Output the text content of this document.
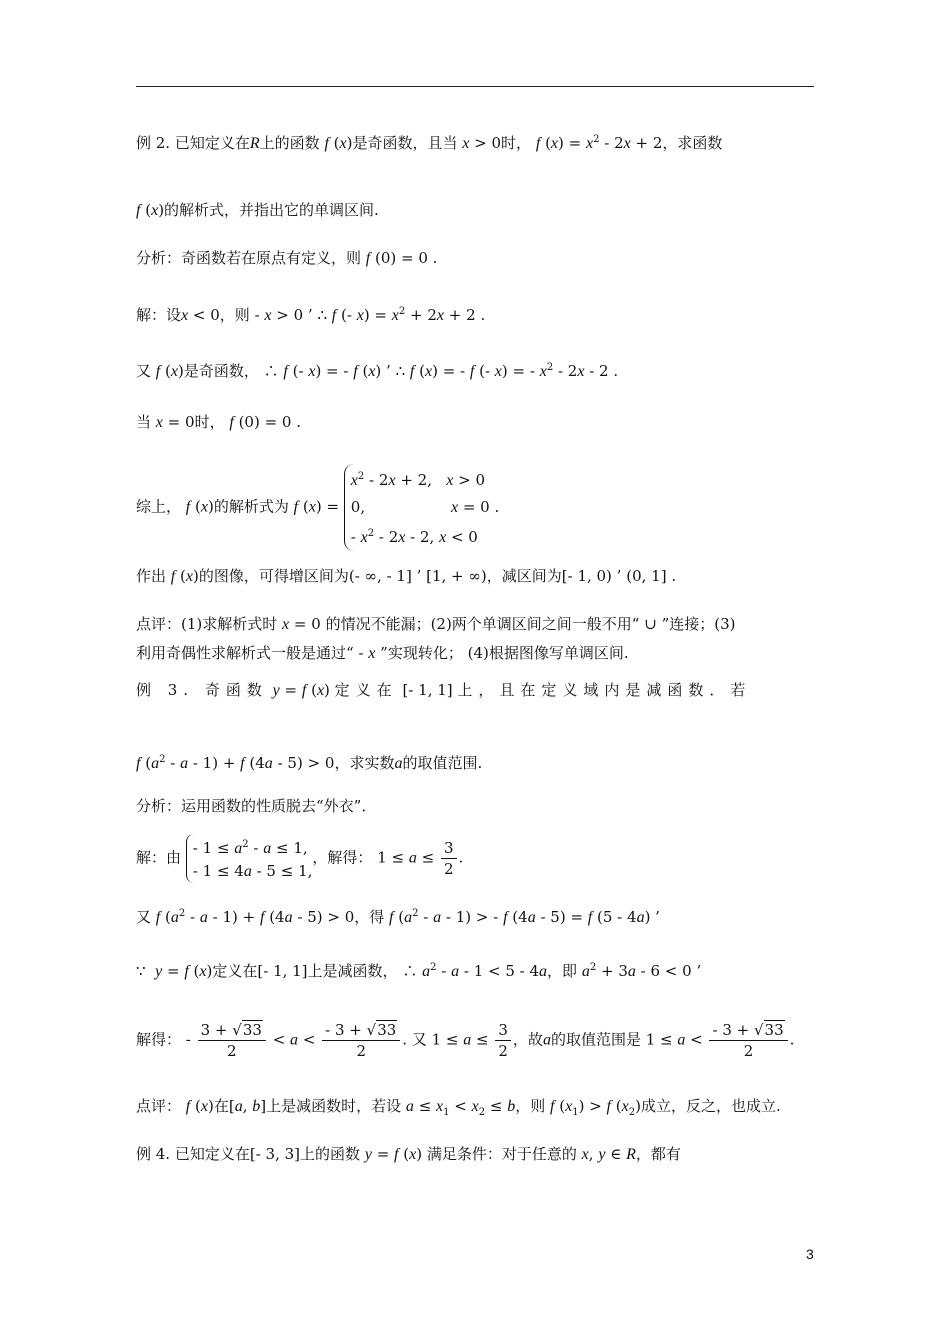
例 2. 已知定义在R上的函数 f (x)是奇函数，且当 x > 0时， f $(x) = x^2 - 2x + 2$，求函数
f (x)的解析式，并指出它的单调区间.
分析：奇函数若在原点有定义，则 f (0) = 0 .
解：设x < 0，则 - x > 0 ’ ∴ f (- $x) = x^2 + 2x + 2$ .
又 f (x)是奇函数， ∴ f (- x) = - f (x) ’ ∴ f (x) = - f (- x) = - $x^2 - 2x - 2$ .
当 x = 0时， f (0) = 0 .
综上， f (x)的解析式为 f (x) =
$x^2 - 2x + 2$,   x > 0
0,                  x = 0 .
- $x^2 - 2x - 2$, x < 0
作出 f (x)的图像，可得增区间为(- ∞, - 1] ’ [1, + ∞)，减区间为[- 1, 0) ’ (0, 1] .
点评：(1)求解析式时 x = 0 的情况不能漏；(2)两个单调区间之间一般不用“ ∪ ”连接；(3)
利用奇偶性求解析式一般是通过“ - x ”实现转化； (4)根据图像写单调区间.
例 3. 奇函数 y = f (x) 定义在 [- 1, 1] 上，且在定义域内是减函数．若
f $(a^2 - a - 1) + f$ (4a - 5) > 0，求实数a的取值范围.
分析：运用函数的性质脱去“外衣”．
解：由
- $1 \le a^2 - a \le 1$,
- 1 ≤ 4a - 5 ≤ 1,
，解得： $1 \le a \le \frac{3}{2}$ .
又 f $(a^2 - a - 1) + f$ (4a - 5) > 0，得 f ($a^2$ - a - 1) > - f (4a - 5) = f (5 - 4a) ’
∵  y = f (x)定义在[- 1, 1]上是减函数， ∴ $a^2 - a - 1 < 5 - 4a$，即 $a^2 + 3a - 6 < 0$ ’
解得： - $\frac{3 + √33}{2} < a < \frac{- 3 + √33}{2}$ . 又 $1 \le a \le \frac{3}{2}$ ，故a的取值范围是 $1 \le a < \frac{- 3 + √33}{2}$ .
点评： f (x)在[a, b]上是减函数时，若设 $a \le x_1 < x_2 \le b$，则 f $(x_1) > f$ $(x_2)$成立，反之，也成立.
例 4. 已知定义在[- 3, 3]上的函数 y = f (x) 满足条件：对于任意的 x, y ∈ R，都有
3
